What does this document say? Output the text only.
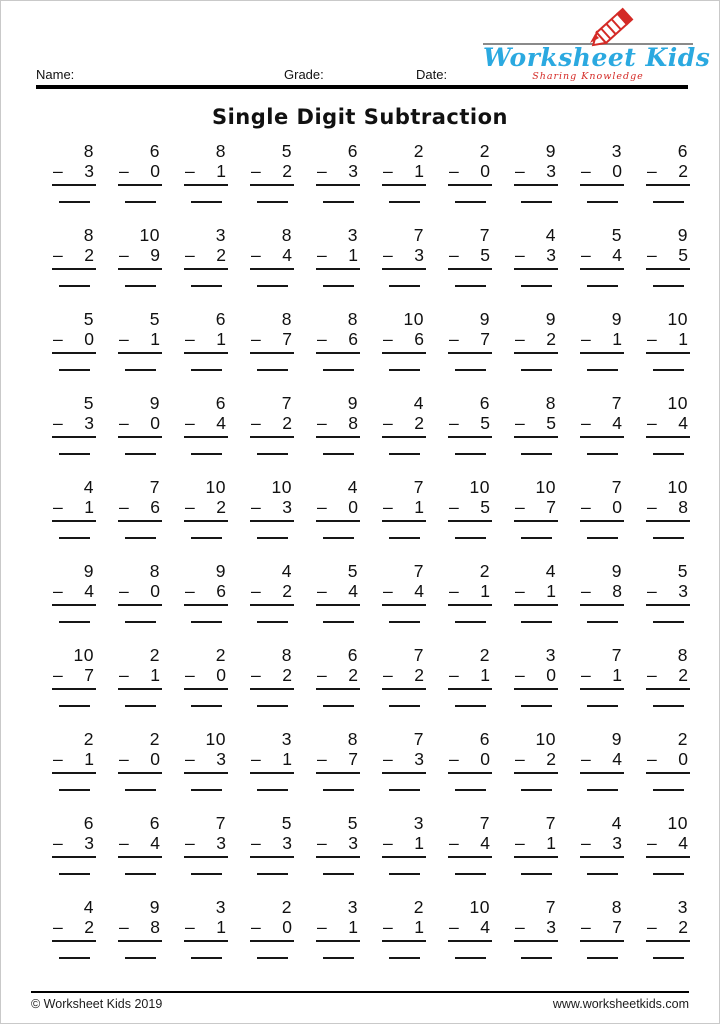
Worksheet Kids
Sharing Knowledge
Name:	Grade:	Date:
Single Digit Subtraction
8
– 3
6
– 0
8
– 1
5
– 2
6
– 3
2
– 1
2
– 0
9
– 3
3
– 0
6
– 2
8
– 2
10
– 9
3
– 2
8
– 4
3
– 1
7
– 3
7
– 5
4
– 3
5
– 4
9
– 5
5
– 0
5
– 1
6
– 1
8
– 7
8
– 6
10
– 6
9
– 7
9
– 2
9
– 1
10
– 1
5
– 3
9
– 0
6
– 4
7
– 2
9
– 8
4
– 2
6
– 5
8
– 5
7
– 4
10
– 4
4
– 1
7
– 6
10
– 2
10
– 3
4
– 0
7
– 1
10
– 5
10
– 7
7
– 0
10
– 8
9
– 4
8
– 0
9
– 6
4
– 2
5
– 4
7
– 4
2
– 1
4
– 1
9
– 8
5
– 3
10
– 7
2
– 1
2
– 0
8
– 2
6
– 2
7
– 2
2
– 1
3
– 0
7
– 1
8
– 2
2
– 1
2
– 0
10
– 3
3
– 1
8
– 7
7
– 3
6
– 0
10
– 2
9
– 4
2
– 0
6
– 3
6
– 4
7
– 3
5
– 3
5
– 3
3
– 1
7
– 4
7
– 1
4
– 3
10
– 4
4
– 2
9
– 8
3
– 1
2
– 0
3
– 1
2
– 1
10
– 4
7
– 3
8
– 7
3
– 2
© Worksheet Kids 2019	www.worksheetkids.com
